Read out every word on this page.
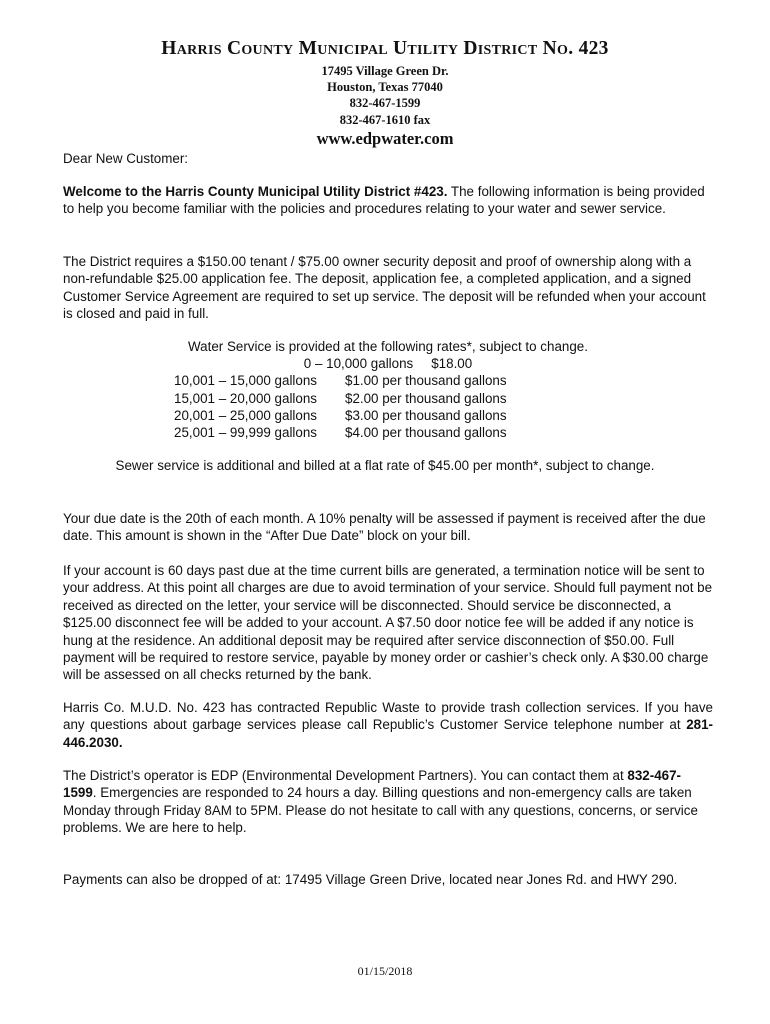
Harris County Municipal Utility District No. 423
17495 Village Green Dr.
Houston, Texas 77040
832-467-1599
832-467-1610 fax
www.edpwater.com

Dear New Customer:

Welcome to the Harris County Municipal Utility District #423. The following information is being provided to help you become familiar with the policies and procedures relating to your water and sewer service.

The District requires a $150.00 tenant / $75.00 owner security deposit and proof of ownership along with a non-refundable $25.00 application fee. The deposit, application fee, a completed application, and a signed Customer Service Agreement are required to set up service. The deposit will be refunded when your account is closed and paid in full.

Water Service is provided at the following rates*, subject to change.
0 – 10,000 gallons	$18.00
10,001 – 15,000 gallons	$1.00 per thousand gallons
15,001 – 20,000 gallons	$2.00 per thousand gallons
20,001 – 25,000 gallons	$3.00 per thousand gallons
25,001 – 99,999 gallons	$4.00 per thousand gallons
Sewer service is additional and billed at a flat rate of $45.00 per month*, subject to change.

Your due date is the 20th of each month. A 10% penalty will be assessed if payment is received after the due date. This amount is shown in the “After Due Date” block on your bill.

If your account is 60 days past due at the time current bills are generated, a termination notice will be sent to your address. At this point all charges are due to avoid termination of your service. Should full payment not be received as directed on the letter, your service will be disconnected. Should service be disconnected, a $125.00 disconnect fee will be added to your account. A $7.50 door notice fee will be added if any notice is hung at the residence. An additional deposit may be required after service disconnection of $50.00. Full payment will be required to restore service, payable by money order or cashier’s check only. A $30.00 charge will be assessed on all checks returned by the bank.

Harris Co. M.U.D. No. 423 has contracted Republic Waste to provide trash collection services. If you have any questions about garbage services please call Republic’s Customer Service telephone number at 281-446.2030.

The District’s operator is EDP (Environmental Development Partners). You can contact them at 832-467-1599. Emergencies are responded to 24 hours a day. Billing questions and non-emergency calls are taken Monday through Friday 8AM to 5PM. Please do not hesitate to call with any questions, concerns, or service problems. We are here to help.

Payments can also be dropped of at: 17495 Village Green Drive, located near Jones Rd. and HWY 290.

01/15/2018
